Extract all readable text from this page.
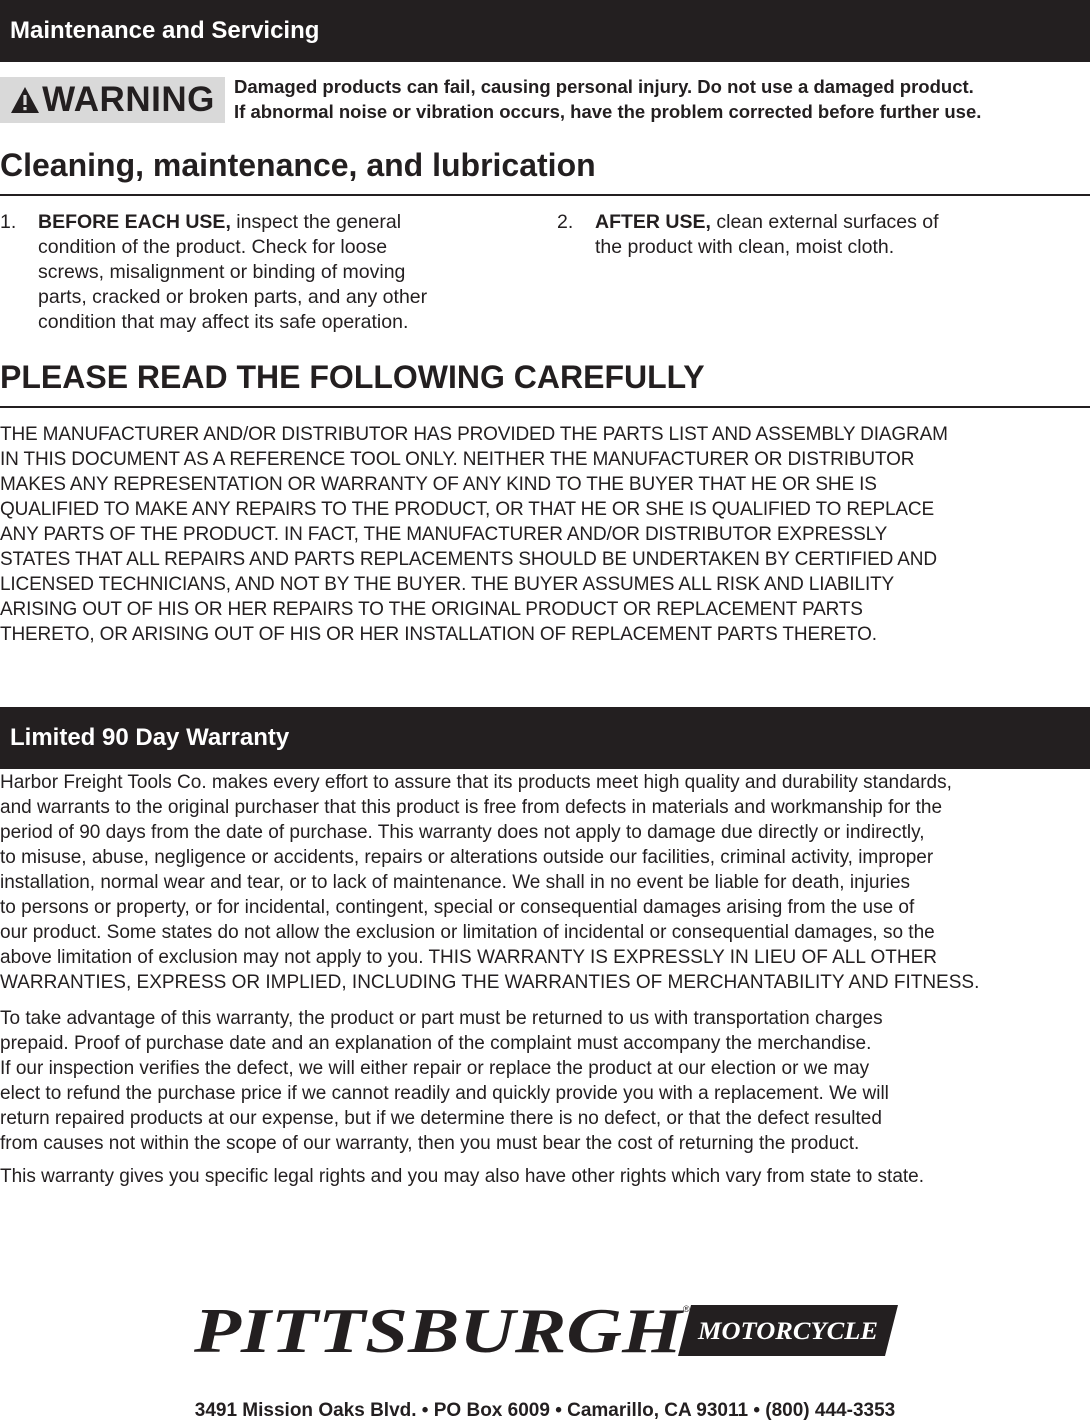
Maintenance and Servicing
WARNING Damaged products can fail, causing personal injury. Do not use a damaged product.
If abnormal noise or vibration occurs, have the problem corrected before further use.
Cleaning, maintenance, and lubrication
1. BEFORE EACH USE, inspect the general
condition of the product. Check for loose
screws, misalignment or binding of moving
parts, cracked or broken parts, and any other
condition that may affect its safe operation.
2. AFTER USE, clean external surfaces of
the product with clean, moist cloth.
PLEASE READ THE FOLLOWING CAREFULLY
THE MANUFACTURER AND/OR DISTRIBUTOR HAS PROVIDED THE PARTS LIST AND ASSEMBLY DIAGRAM
IN THIS DOCUMENT AS A REFERENCE TOOL ONLY. NEITHER THE MANUFACTURER OR DISTRIBUTOR
MAKES ANY REPRESENTATION OR WARRANTY OF ANY KIND TO THE BUYER THAT HE OR SHE IS
QUALIFIED TO MAKE ANY REPAIRS TO THE PRODUCT, OR THAT HE OR SHE IS QUALIFIED TO REPLACE
ANY PARTS OF THE PRODUCT. IN FACT, THE MANUFACTURER AND/OR DISTRIBUTOR EXPRESSLY
STATES THAT ALL REPAIRS AND PARTS REPLACEMENTS SHOULD BE UNDERTAKEN BY CERTIFIED AND
LICENSED TECHNICIANS, AND NOT BY THE BUYER. THE BUYER ASSUMES ALL RISK AND LIABILITY
ARISING OUT OF HIS OR HER REPAIRS TO THE ORIGINAL PRODUCT OR REPLACEMENT PARTS
THERETO, OR ARISING OUT OF HIS OR HER INSTALLATION OF REPLACEMENT PARTS THERETO.
Limited 90 Day Warranty
Harbor Freight Tools Co. makes every effort to assure that its products meet high quality and durability standards,
and warrants to the original purchaser that this product is free from defects in materials and workmanship for the
period of 90 days from the date of purchase. This warranty does not apply to damage due directly or indirectly,
to misuse, abuse, negligence or accidents, repairs or alterations outside our facilities, criminal activity, improper
installation, normal wear and tear, or to lack of maintenance. We shall in no event be liable for death, injuries
to persons or property, or for incidental, contingent, special or consequential damages arising from the use of
our product. Some states do not allow the exclusion or limitation of incidental or consequential damages, so the
above limitation of exclusion may not apply to you. THIS WARRANTY IS EXPRESSLY IN LIEU OF ALL OTHER
WARRANTIES, EXPRESS OR IMPLIED, INCLUDING THE WARRANTIES OF MERCHANTABILITY AND FITNESS.
To take advantage of this warranty, the product or part must be returned to us with transportation charges
prepaid. Proof of purchase date and an explanation of the complaint must accompany the merchandise.
If our inspection verifies the defect, we will either repair or replace the product at our election or we may
elect to refund the purchase price if we cannot readily and quickly provide you with a replacement. We will
return repaired products at our expense, but if we determine there is no defect, or that the defect resulted
from causes not within the scope of our warranty, then you must bear the cost of returning the product.
This warranty gives you specific legal rights and you may also have other rights which vary from state to state.
PITTSBURGH
®
MOTORCYCLE
3491 Mission Oaks Blvd. • PO Box 6009 • Camarillo, CA 93011 • (800) 444-3353
